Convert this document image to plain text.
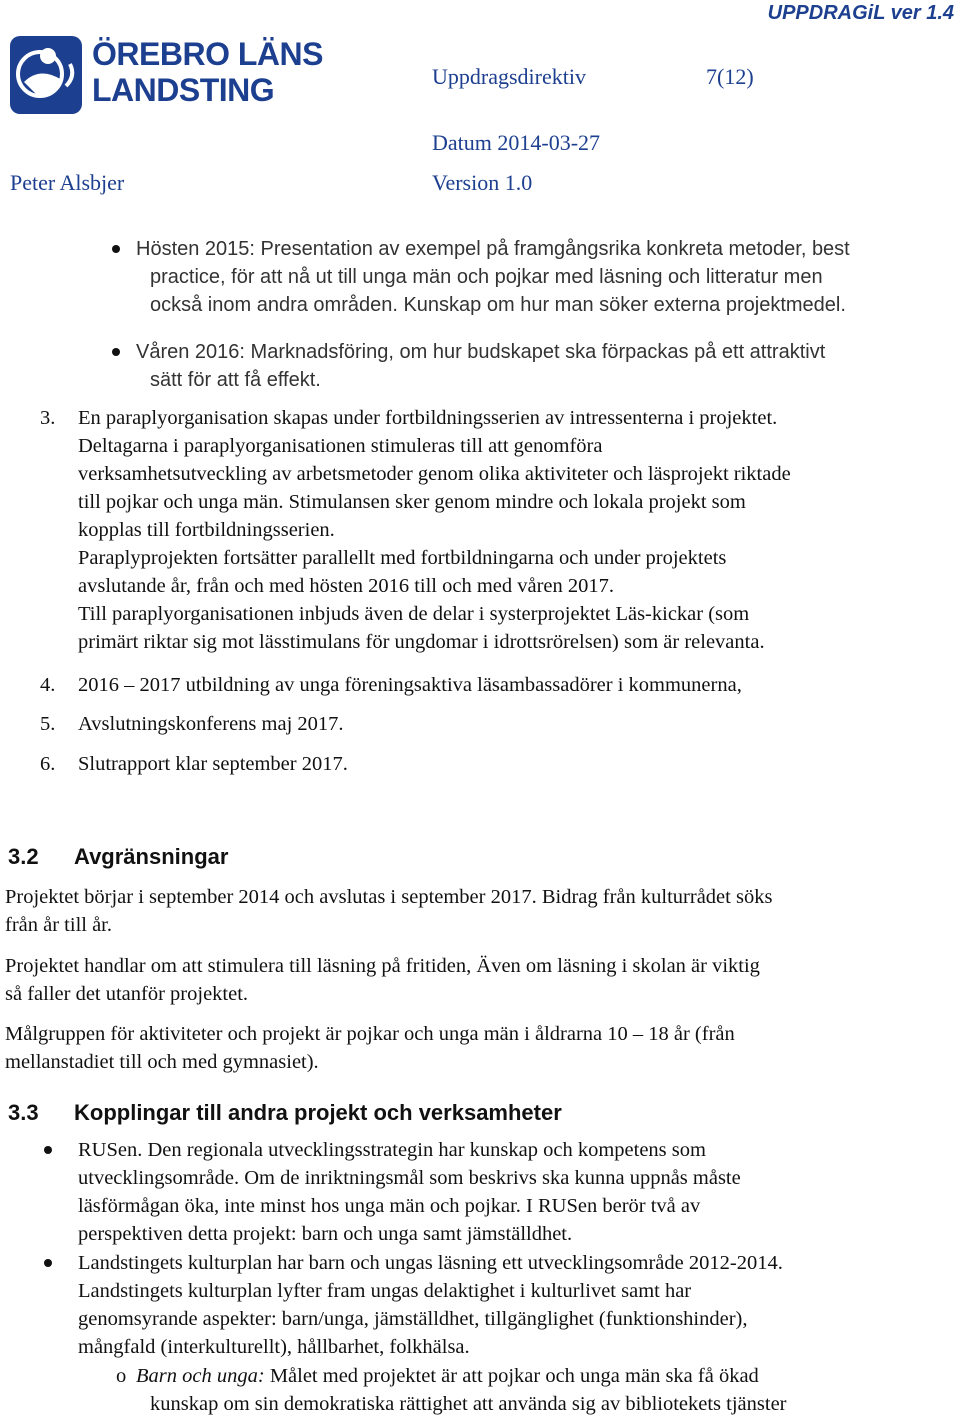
UPPDRAGiL ver 1.4
ÖREBRO LÄNS
LANDSTING	Uppdragsdirektiv	7(12)
Datum 2014-03-27
Peter Alsbjer	Version 1.0
Hösten 2015: Presentation av exempel på framgångsrika konkreta metoder, best
practice, för att nå ut till unga män och pojkar med läsning och litteratur men
också inom andra områden. Kunskap om hur man söker externa projektmedel.
Våren 2016: Marknadsföring, om hur budskapet ska förpackas på ett attraktivt
sätt för att få effekt.
3. En paraplyorganisation skapas under fortbildningsserien av intressenterna i projektet.
Deltagarna i paraplyorganisationen stimuleras till att genomföra
verksamhetsutveckling av arbetsmetoder genom olika aktiviteter och läsprojekt riktade
till pojkar och unga män. Stimulansen sker genom mindre och lokala projekt som
kopplas till fortbildningsserien.
Paraplyprojekten fortsätter parallellt med fortbildningarna och under projektets
avslutande år, från och med hösten 2016 till och med våren 2017.
Till paraplyorganisationen inbjuds även de delar i systerprojektet Läs-kickar (som
primärt riktar sig mot lässtimulans för ungdomar i idrottsrörelsen) som är relevanta.
4. 2016 – 2017 utbildning av unga föreningsaktiva läsambassadörer i kommunerna,
5. Avslutningskonferens maj 2017.
6. Slutrapport klar september 2017.
3.2 Avgränsningar
Projektet börjar i september 2014 och avslutas i september 2017. Bidrag från kulturrådet söks
från år till år.
Projektet handlar om att stimulera till läsning på fritiden, Även om läsning i skolan är viktig
så faller det utanför projektet.
Målgruppen för aktiviteter och projekt är pojkar och unga män i åldrarna 10 – 18 år (från
mellanstadiet till och med gymnasiet).
3.3 Kopplingar till andra projekt och verksamheter
RUSen. Den regionala utvecklingsstrategin har kunskap och kompetens som
utvecklingsområde. Om de inriktningsmål som beskrivs ska kunna uppnås måste
läsförmågan öka, inte minst hos unga män och pojkar. I RUSen berör två av
perspektiven detta projekt: barn och unga samt jämställdhet.
Landstingets kulturplan har barn och ungas läsning ett utvecklingsområde 2012-2014.
Landstingets kulturplan lyfter fram ungas delaktighet i kulturlivet samt har
genomsyrande aspekter: barn/unga, jämställdhet, tillgänglighet (funktionshinder),
mångfald (interkulturellt), hållbarhet, folkhälsa.
o Barn och unga: Målet med projektet är att pojkar och unga män ska få ökad
kunskap om sin demokratiska rättighet att använda sig av bibliotekets tjänster
